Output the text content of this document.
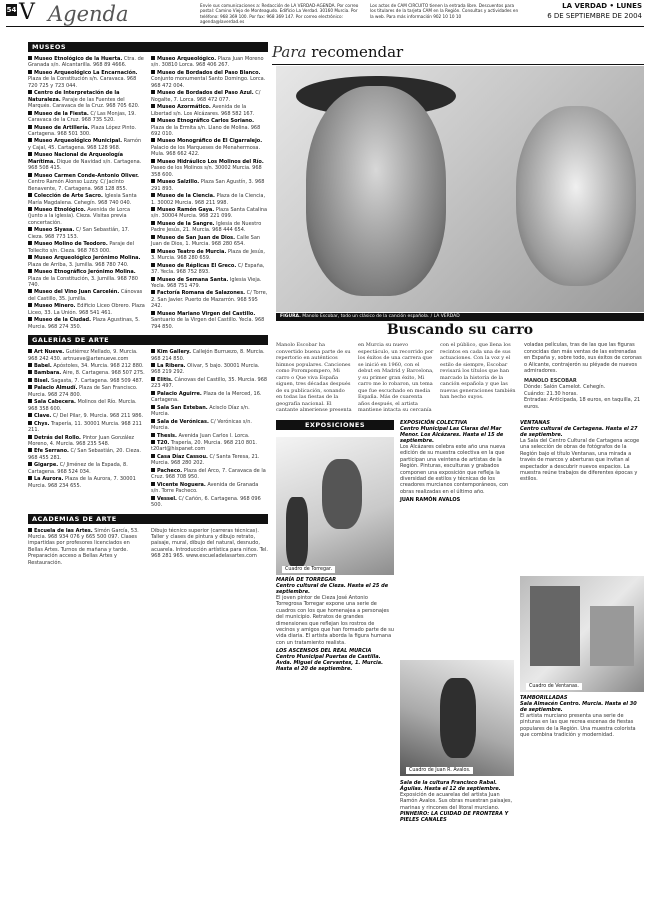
54 V Agenda	Envíe sus comunicaciones a: Redacción de LA VERDAD-AGENDA. Por correo postal: Camino Viejo de Monteagudo. Edificio La Verdad. 30160 Murcia. Por teléfono: 968 369 100. Por fax: 968 369 147. Por correo electrónico: agenda@laverdad.es
Los actos de CAM CIRCUITO tienen la entrada libre. Descuentos para los titulares de la tarjeta CAM en la Región. Consultas y actividades en la web. Para más información 902 10 10 10
LA VERDAD • LUNES
6 DE SEPTIEMBRE DE 2004
MUSEOS
Museo Etnológico de la Huerta. Ctra. de Granada s/n. Alcantarilla. 968 89 4666.
Museo Arqueológico La Encarnación. Plaza de la Constitución s/n. Caravaca. 968 720 725 y 723 044.
Centro de Interpretación de la Naturaleza. Paraje de las Fuentes del Marqués. Caravaca de la Cruz. 968 705 620.
Museo de la Fiesta. C/ Las Monjas, 19. Caravaca de la Cruz. 968 735 520.
Museo de Artillería. Plaza López Pinto. Cartagena. 968 501 300.
Museo Arqueológico Municipal. Ramón y Cajal, 45. Cartagena. 968 128 968.
Museo Nacional de Arqueología Marítima. Dique de Navidad s/n. Cartagena. 968 508 415.
Museo Carmen Conde-Antonio Oliver. Centro Ramón Alonso Luzzy. C/ Jacinto Benavente, 7. Cartagena. 968 128 855.
Colección de Arte Sacro. Iglesia Santa María Magdalena. Cehegín. 968 740 040.
Museo Etnológico. Avenida de Lorca (junto a la iglesia). Cieza. Visitas previa concertación.
Museo Siyasa. C/ San Sebastián, 17. Cieza. 968 773 153.
Museo Molino de Teodoro. Paraje del Tollecito s/n. Cieza. 968 763 000.
Museo Arqueológico Jerónimo Molina. Plaza de Arriba, 3. Jumilla. 968 780 740.
Museo Etnográfico Jerónimo Molina. Plaza de la Constitución, 3. Jumilla. 968 780 740.
Museo del Vino Juan Carcelén. Cánovas del Castillo, 35. Jumilla.
Museo Minero. Edificio Liceo Obrero. Plaza Liceo, 33. La Unión. 968 541 461.
Museo de la Ciudad. Plaza Agustinas, 5. Murcia. 968 274 350.
Museo Arqueológico. Plaza Juan Moreno s/n. 30810 Lorca. 968 406 267.
Museo de Bordados del Paso Blanco. Conjunto monumental Santo Domingo. Lorca. 968 472 004.
Museo de Bordados del Paso Azul. C/ Nogalte, 7. Lorca. 968 472 077.
Museo Azormático. Avenida de la Libertad s/n. Los Alcázares. 968 582 167.
Museo Etnográfico Carlos Soriano. Plaza de la Ermita s/n. Llano de Molina. 968 692 010.
Museo Monográfico de El Cigarralejo. Palacio de los Marqueses de Menahermosa. Mula. 968 662 422.
Museo Hidráulico Los Molinos del Río. Paseo de los Molinos s/n. 30002 Murcia. 968 358 600.
Museo Salzillo. Plaza San Agustín, 3. 968 291 893.
Museo de la Ciencia. Plaza de la Ciencia, 1. 30002 Murcia. 968 211 998.
Museo Ramón Gaya. Plaza Santa Catalina s/n. 30004 Murcia. 968 221 099.
Museo de la Sangre. Iglesia de Nuestro Padre Jesús, 21. Murcia. 968 444 654.
Museo de San Juan de Dios. Calle San Juan de Dios, 1. Murcia. 968 280 654.
Museo Teatro de Murcia. Plaza de Jesús, 3. Murcia. 968 280 659.
Museo de Réplicas El Greco. C/ España, 37. Yecla. 968 752 893.
Museo de Semana Santa. Iglesia Vieja. Yecla. 968 751 479.
Factoría Romana de Salazones. C/ Torre, 2. San Javier. Puerto de Mazarrón. 968 595 242.
Museo Mariano Virgen del Castillo. Santuario de la Virgen del Castillo. Yecla. 968 794 850.
GALERÍAS DE ARTE
Art Nueve. Gutiérrez Mellado, 9. Murcia. 968 242 430. artnueve@artenueve.com
Babel. Apóstoles, 34. Murcia. 968 212 880.
Bambara. Aire, 8. Cartagena. 968 507 275.
Bisel. Sagasta, 7. Cartagena. 968 509 487.
Palacio Almudí. Plaza de San Francisco. Murcia. 968 274 800.
Sala Cabecera. Molinos del Río. Murcia. 968 358 600.
Clave. C/ Del Pilar, 9. Murcia. 968 211 986.
Chys. Trapería, 11. 30001 Murcia. 968 211 211.
Detrás del Rollo. Pintor Juan González Moreno, 4. Murcia. 968 235 548.
Efe Serrano. C/ San Sebastián, 20. Cieza. 968 455 281.
Gigarpe. C/ Jiménez de la Espada, 8. Cartagena. 968 524 034.
La Aurora. Plaza de la Aurora, 7. 30001 Murcia. 968 234 655.
Kim Gallery. Callejón Burruezo, 8. Murcia. 968 214 850.
La Ribera. Olivar, 5 bajo. 30001 Murcia. 968 219 292.
Elitis. Cánovas del Castillo, 35. Murcia. 968 223 497.
Palacio Aguirre. Plaza de la Merced, 16. Cartagena.
Sala San Esteban. Acisclo Díaz s/n. Murcia.
Sala de Verónicas. C/ Verónicas s/n. Murcia.
Thesis. Avenida Juan Carlos I. Lorca.
T20. Trapería, 20. Murcia. 968 210 801. t20art@hispanet.com
Casa Díaz Cassou. C/ Santa Teresa, 21. Murcia. 968 280 202.
Pacheco. Plaza del Arco, 7. Caravaca de la Cruz. 968 708 950.
Vicente Noguera. Avenida de Granada s/n. Torre Pacheco.
Vessel. C/ Cañón, 6. Cartagena. 968 096 500.
ACADEMIAS DE ARTE
Escuela de las Artes. Simón García, 53. Murcia. 968 934 076 y 665 500 097. Clases impartidas por profesores licenciados en Bellas Artes. Turnos de mañana y tarde. Preparación acceso a Bellas Artes y Restauración.
Dibujo técnico superior (carreras técnicas). Taller y clases de pintura y dibujo retrato, paisaje, mural, dibujo del natural, desnudo, acuarela. Introducción artística para niños. Tel. 968 281 965. www.escueladelasartes.com
Para recomendar
FIGURA. Manolo Escobar, todo un clásico de la canción española. / LA VERDAD
Buscando su carro
Manolo Escobar ha convertido buena parte de su repertorio en auténticos himnos populares. Canciones como Porompompero, Mi carro o Que viva España siguen, tres décadas después de su publicación, sonando en todas las fiestas de la geografía nacional. El cantante almeriense presenta en Murcia su nuevo espectáculo, un recorrido por los éxitos de una carrera que se inició en 1960, con el debut en Madrid y Barcelona, y su primer gran éxito, Mi carro me lo robaron, un tema que fue escuchado en media España. Más de cuarenta años después, el artista mantiene intacta su cercanía con el público, que llena los recintos en cada una de sus actuaciones. Con la voz y el estilo de siempre, Escobar revisará los títulos que han marcado la historia de la canción española y que las nuevas generaciones también han hecho suyos.
voladas películas, tras de las que las figuras conocidas dan más ventas de las estrenadas en España y, sobre todo, sus éxitos de coronas o Alicante, contrajerón su pléyade de nuevos admiradores.
MANOLO ESCOBAR
Dónde: Salón Camelot. Cehegín.
Cuándo: 21.30 horas.
Entradas: Anticipada, 18 euros, en taquilla, 21 euros.
EXPOSICIONES
Cuadro de Torregar.
MARÍA DE TORREGAR
Centro cultural de Cieza. Hasta el 25 de septiembre.
El joven pintor de Cieza José Antonio Torregrosa Torregar expone una serie de cuadros con los que homenajea a personajes del municipio. Retratos de grandes dimensiones que reflejan los rostros de vecinos y amigos que han formado parte de su vida diaria. El artista aborda la figura humana con un tratamiento realista.
LOS ASCENSOS DEL REAL MURCIA
Centro Municipal Puertas de Castilla. Avda. Miguel de Cervantes, 1. Murcia. Hasta el 20 de septiembre.
EXPOSICIÓN COLECTIVA
Centro Municipal Las Claras del Mar Menor. Los Alcázares. Hasta el 15 de septiembre.
Los Alcázares celebra este año una nueva edición de su muestra colectiva en la que participan una veintena de artistas de la Región. Pinturas, esculturas y grabados componen una exposición que refleja la diversidad de estilos y técnicas de los creadores murcianos contemporáneos, con obras realizadas en el último año.
JUAN RAMÓN AVALOS
Cuadro de Juan R. Avalos.
Sala de la cultura Francisco Rabal. Águilas. Hasta el 12 de septiembre.
Exposición de acuarelas del artista Juan Ramón Avalos. Sus obras muestran paisajes, marinas y rincones del litoral murciano.
PINHEIRO: LA CUIDAD DE FRONTERA Y PIELES CANALES
VENTANAS
Centro cultural de Cartagena. Hasta el 27 de septiembre.
La Sala del Centro Cultural de Cartagena acoge una selección de obras de fotógrafos de la Región bajo el título Ventanas, una mirada a través de marcos y aberturas que invitan al espectador a descubrir nuevos espacios. La muestra reúne trabajos de diferentes épocas y estilos.
Cuadro de Ventanas.
TAMBORILLADAS
Sala Almacén Centro. Murcia. Hasta el 30 de septiembre.
El artista murciano presenta una serie de pinturas en las que recrea escenas de fiestas populares de la Región. Una muestra colorista que combina tradición y modernidad.
